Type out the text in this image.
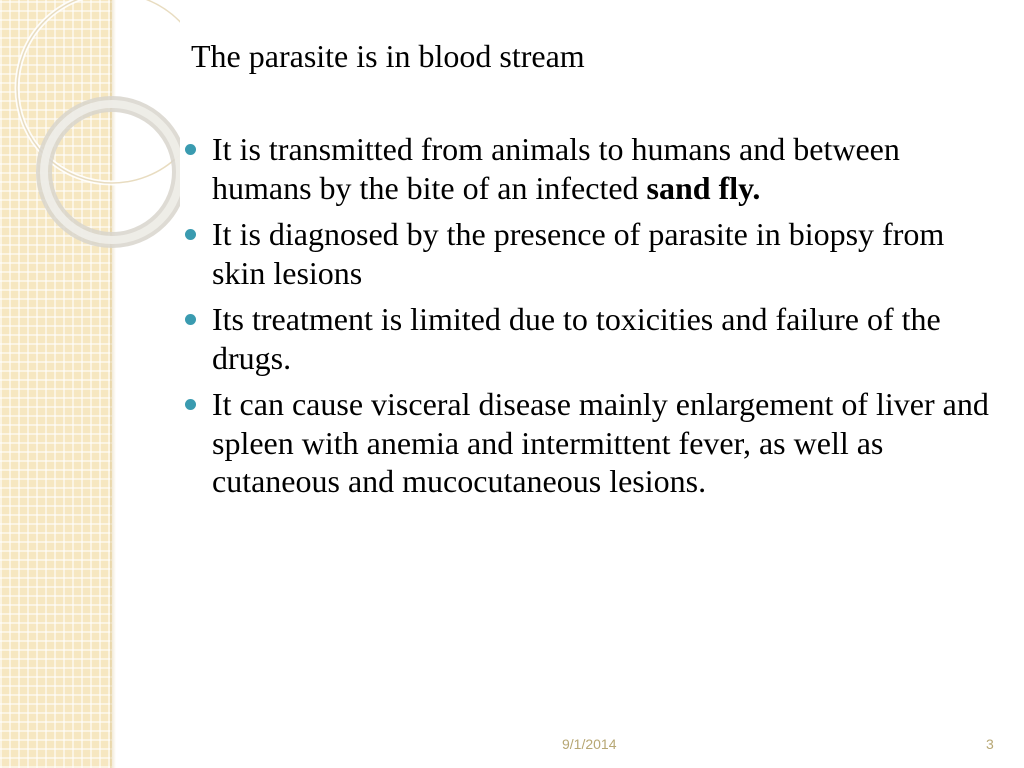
The parasite is in blood stream
It is transmitted from animals to humans and between humans by the bite of an infected sand fly.
It is diagnosed by the presence of parasite in biopsy from skin lesions
Its treatment is limited due to toxicities and failure of the drugs.
It can cause visceral disease mainly enlargement of liver and spleen with anemia and intermittent fever, as well as cutaneous and mucocutaneous lesions.
9/1/2014	3
